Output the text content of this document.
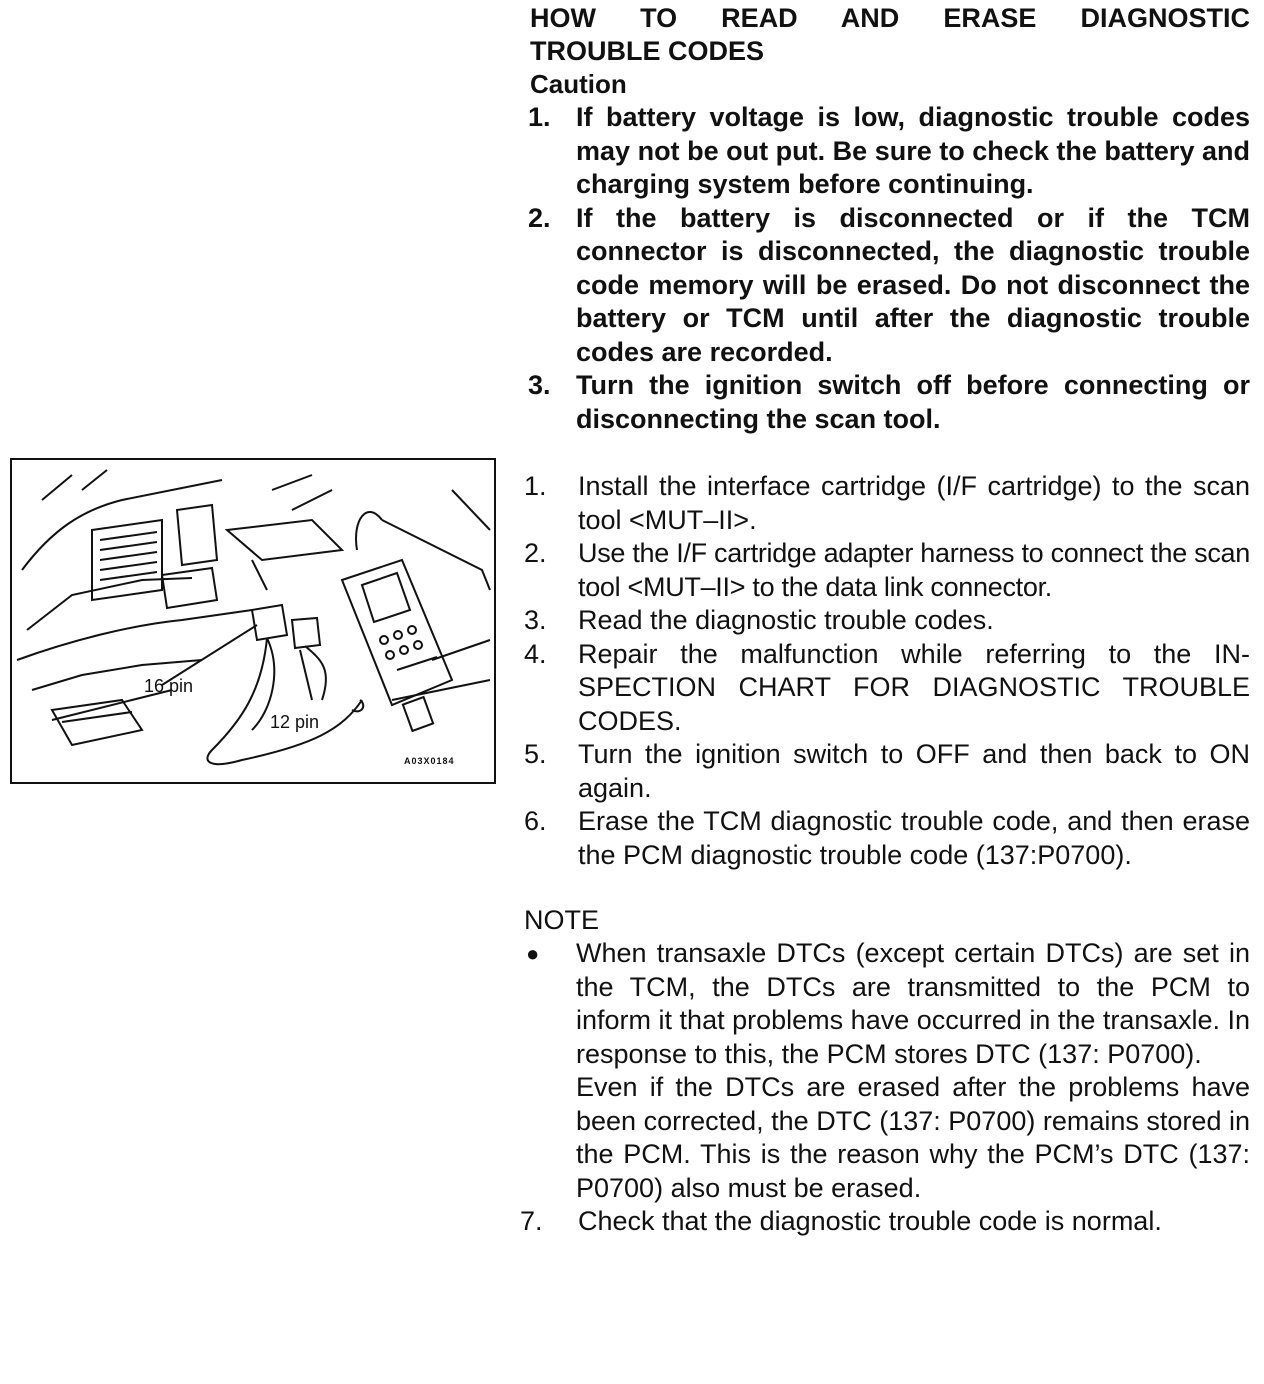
16 pin
12 pin
A03X0184
HOW TO READ AND ERASE DIAGNOSTIC
TROUBLE CODES
Caution
1. If battery voltage is low, diagnostic trouble codes may not be out put. Be sure to check the battery and charging system before continuing.
2. If the battery is disconnected or if the TCM connector is disconnected, the diagnostic trouble code memory will be erased. Do not disconnect the battery or TCM until after the diagnostic trouble codes are recorded.
3. Turn the ignition switch off before connecting or disconnecting the scan tool.
1.	Install the interface cartridge (I/F cartridge) to the scan tool <MUT–II>.
2.	Use the I/F cartridge adapter harness to connect the scan tool <MUT–II> to the data link connector.
3.	Read the diagnostic trouble codes.
4.	Repair the malfunction while referring to the IN-SPECTION CHART FOR DIAGNOSTIC TROUBLE CODES.
5.	Turn the ignition switch to OFF and then back to ON again.
6.	Erase the TCM diagnostic trouble code, and then erase the PCM diagnostic trouble code (137:P0700).
NOTE
●	When transaxle DTCs (except certain DTCs) are set in the TCM, the DTCs are transmitted to the PCM to inform it that problems have occurred in the transaxle. In response to this, the PCM stores DTC (137: P0700).
Even if the DTCs are erased after the problems have been corrected, the DTC (137: P0700) remains stored in the PCM. This is the reason why the PCM’s DTC (137: P0700) also must be erased.
7.	Check that the diagnostic trouble code is normal.
